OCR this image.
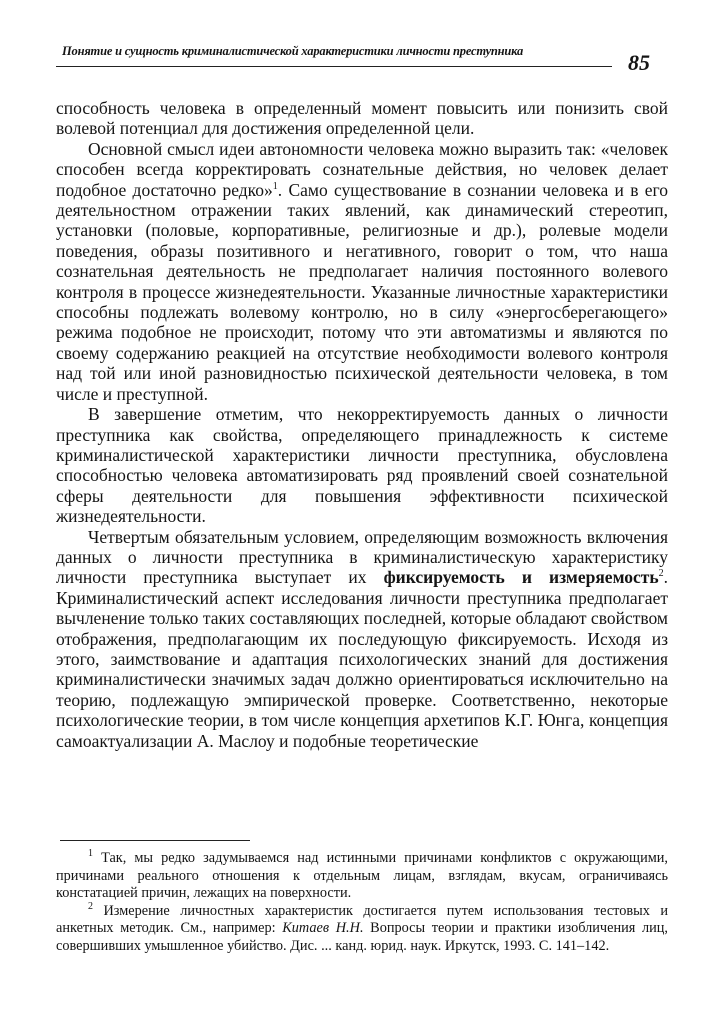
Понятие и сущность криминалистической характеристики личности преступника	85

способность человека в определенный момент повысить или понизить свой волевой потенциал для достижения определенной цели.

Основной смысл идеи автономности человека можно выразить так: «человек способен всегда корректировать сознательные действия, но человек делает подобное достаточно редко»$^1$. Само существование в сознании человека и в его деятельностном отражении таких явлений, как динамический стереотип, установки (половые, корпоративные, религиозные и др.), ролевые модели поведения, образы позитивного и негативного, говорит о том, что наша сознательная деятельность не предполагает наличия постоянного волевого контроля в процессе жизнедеятельности. Указанные личностные характеристики способны подлежать волевому контролю, но в силу «энергосберегающего» режима подобное не происходит, потому что эти автоматизмы и являются по своему содержанию реакцией на отсутствие необходимости волевого контроля над той или иной разновидностью психической деятельности человека, в том числе и преступной.

В завершение отметим, что некорректируемость данных о личности преступника как свойства, определяющего принадлежность к системе криминалистической характеристики личности преступника, обусловлена способностью человека автоматизировать ряд проявлений своей сознательной сферы деятельности для повышения эффективности психической жизнедеятельности.

Четвертым обязательным условием, определяющим возможность включения данных о личности преступника в криминалистическую характеристику личности преступника выступает их фиксируемость и измеряемость$^2$. Криминалистический аспект исследования личности преступника предполагает вычленение только таких составляющих последней, которые обладают свойством отображения, предполагающим их последующую фиксируемость. Исходя из этого, заимствование и адаптация психологических знаний для достижения криминалистически значимых задач должно ориентироваться исключительно на теорию, подлежащую эмпирической проверке. Соответственно, некоторые психологические теории, в том числе концепция архетипов К.Г. Юнга, концепция самоактуализации А. Маслоу и подобные теоретические

$^1$ Так, мы редко задумываемся над истинными причинами конфликтов с окружающими, причинами реального отношения к отдельным лицам, взглядам, вкусам, ограничиваясь констатацией причин, лежащих на поверхности.

$^2$ Измерение личностных характеристик достигается путем использования тестовых и анкетных методик. См., например: Китаев Н.Н. Вопросы теории и практики изобличения лиц, совершивших умышленное убийство. Дис. ... канд. юрид. наук. Иркутск, 1993. С. 141–142.
